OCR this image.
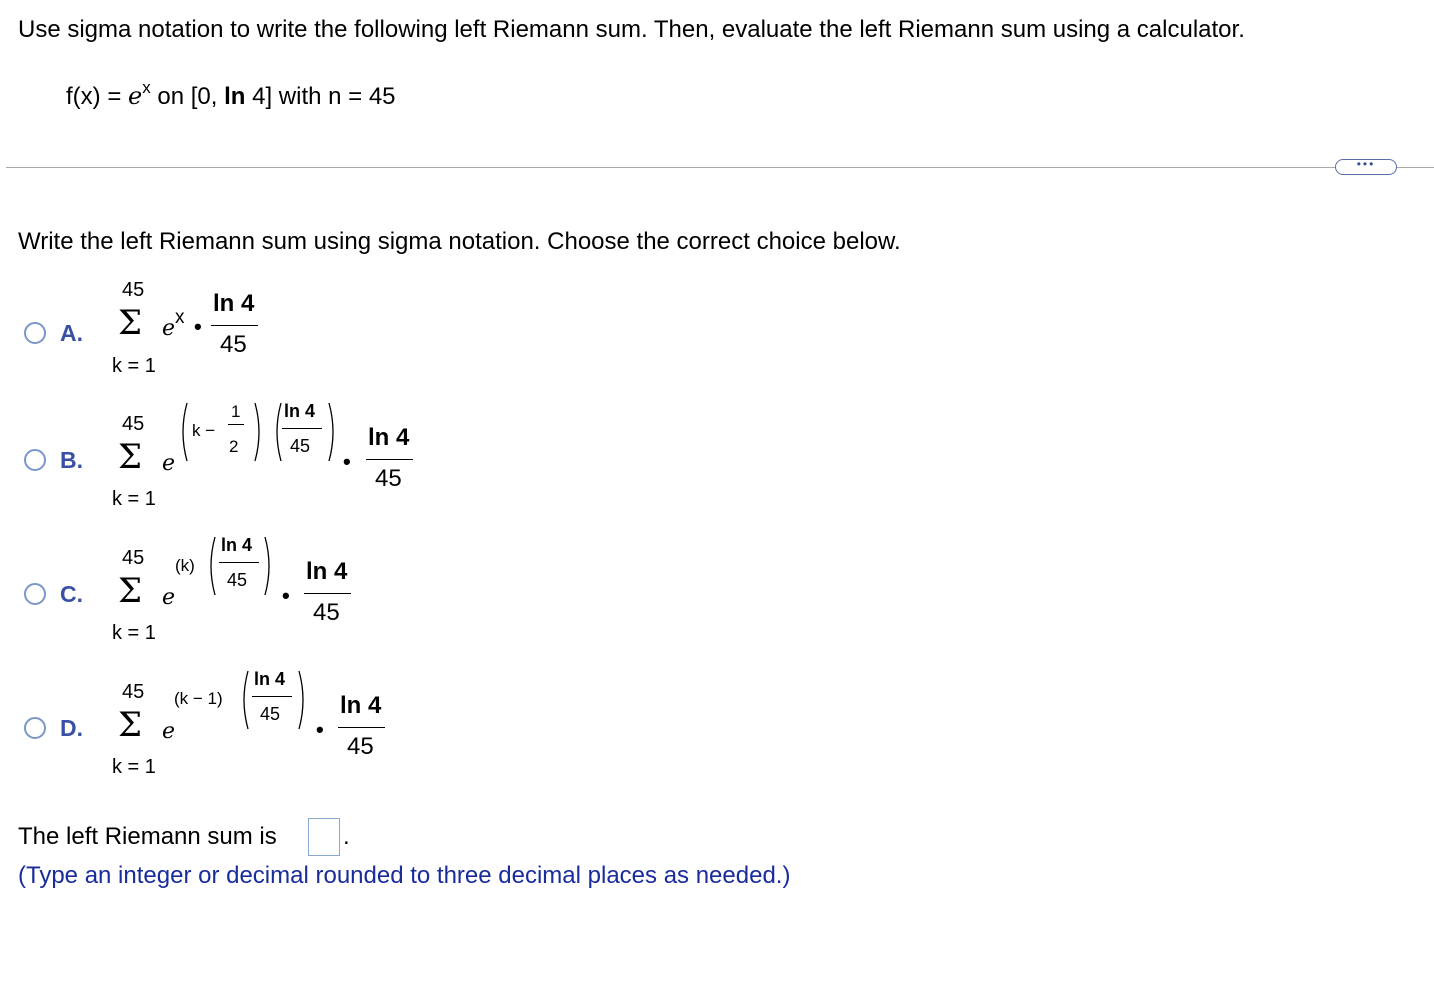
Use sigma notation to write the following left Riemann sum. Then, evaluate the left Riemann sum using a calculator.
$f(x) = e^x$ on [0, ln 4] with n = 45
•••
Write the left Riemann sum using sigma notation. Choose the correct choice below.
A.
45
Σ
k = 1
e x •
ln 4
45
B.
45
Σ
k = 1
e
k −
1
2
ln 4
45
•
ln 4
45
C.
45
Σ
k = 1
e
(k)
ln 4
45
•
ln 4
45
D.
45
Σ
k = 1
e
(k − 1)
ln 4
45
•
ln 4
45
The left Riemann sum is	.
(Type an integer or decimal rounded to three decimal places as needed.)
